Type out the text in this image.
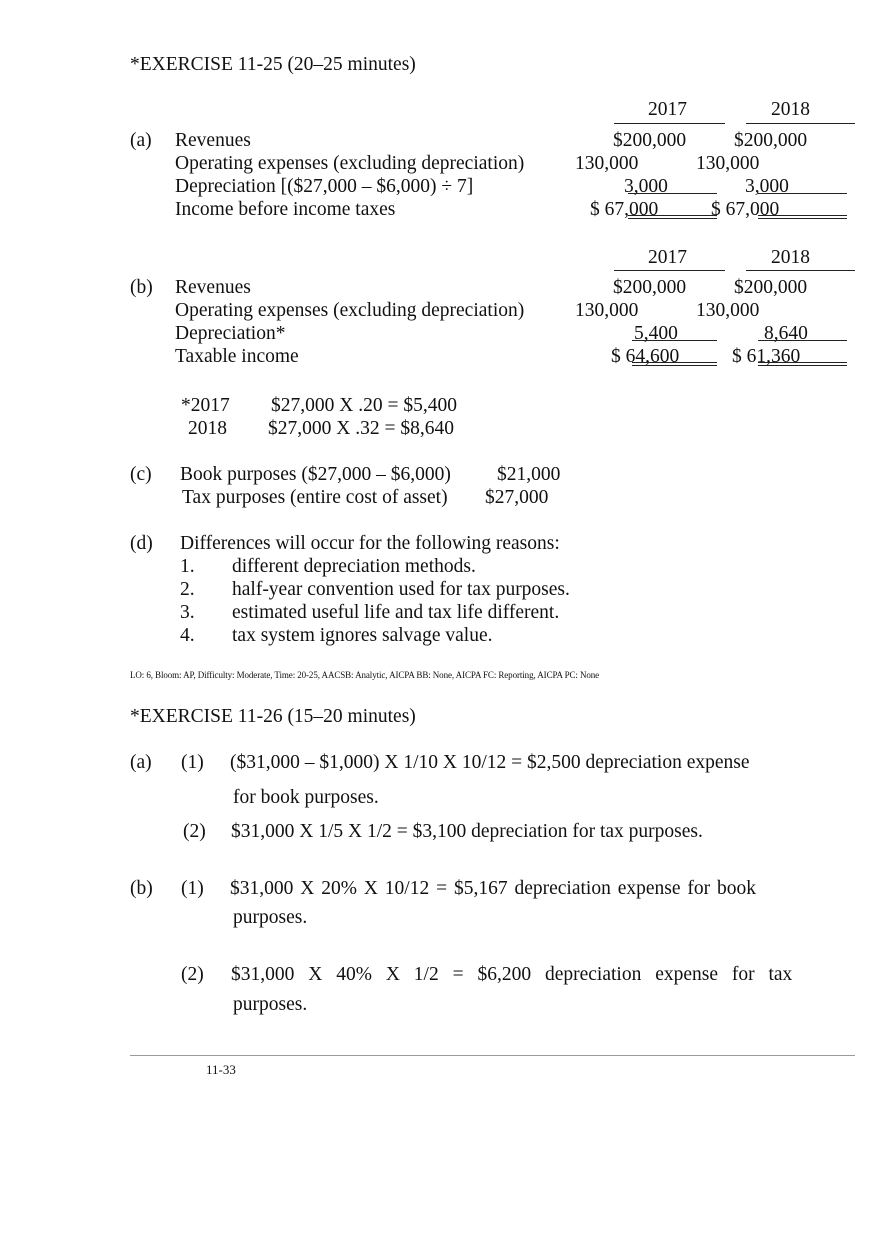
*EXERCISE 11-25 (20–25 minutes)
2017	2018
(a) Revenues	$200,000 $200,000
Operating expenses (excluding depreciation)	130,000	130,000
Depreciation [($27,000 – $6,000) ÷ 7]	3,000	3,000
Income before income taxes	$ 67,000	$ 67,000
2017	2018
(b) Revenues	$200,000 $200,000
Operating expenses (excluding depreciation)	130,000	130,000
Depreciation*	5,400	8,640
Taxable income	$ 64,600	$ 61,360
*2017 $27,000 X .20 = $5,400
2018 $27,000 X .32 = $8,640
(c) Book purposes ($27,000 – $6,000) $21,000
Tax purposes (entire cost of asset) $27,000
(d) Differences will occur for the following reasons:
1. different depreciation methods.
2. half-year convention used for tax purposes.
3. estimated useful life and tax life different.
4. tax system ignores salvage value.
LO: 6, Bloom: AP, Difficulty: Moderate, Time: 20-25, AACSB: Analytic, AICPA BB: None, AICPA FC: Reporting, AICPA PC: None
*EXERCISE 11-26 (15–20 minutes)
(a) (1) ($31,000 – $1,000) X 1/10 X 10/12 = $2,500 depreciation expense
for book purposes.
(2) $31,000 X 1/5 X 1/2 = $3,100 depreciation for tax purposes.
(b) (1) $31,000 X 20% X 10/12 = $5,167 depreciation expense for book
purposes.
(2) $31,000 X 40% X 1/2 = $6,200 depreciation expense for tax
purposes.
11-33
